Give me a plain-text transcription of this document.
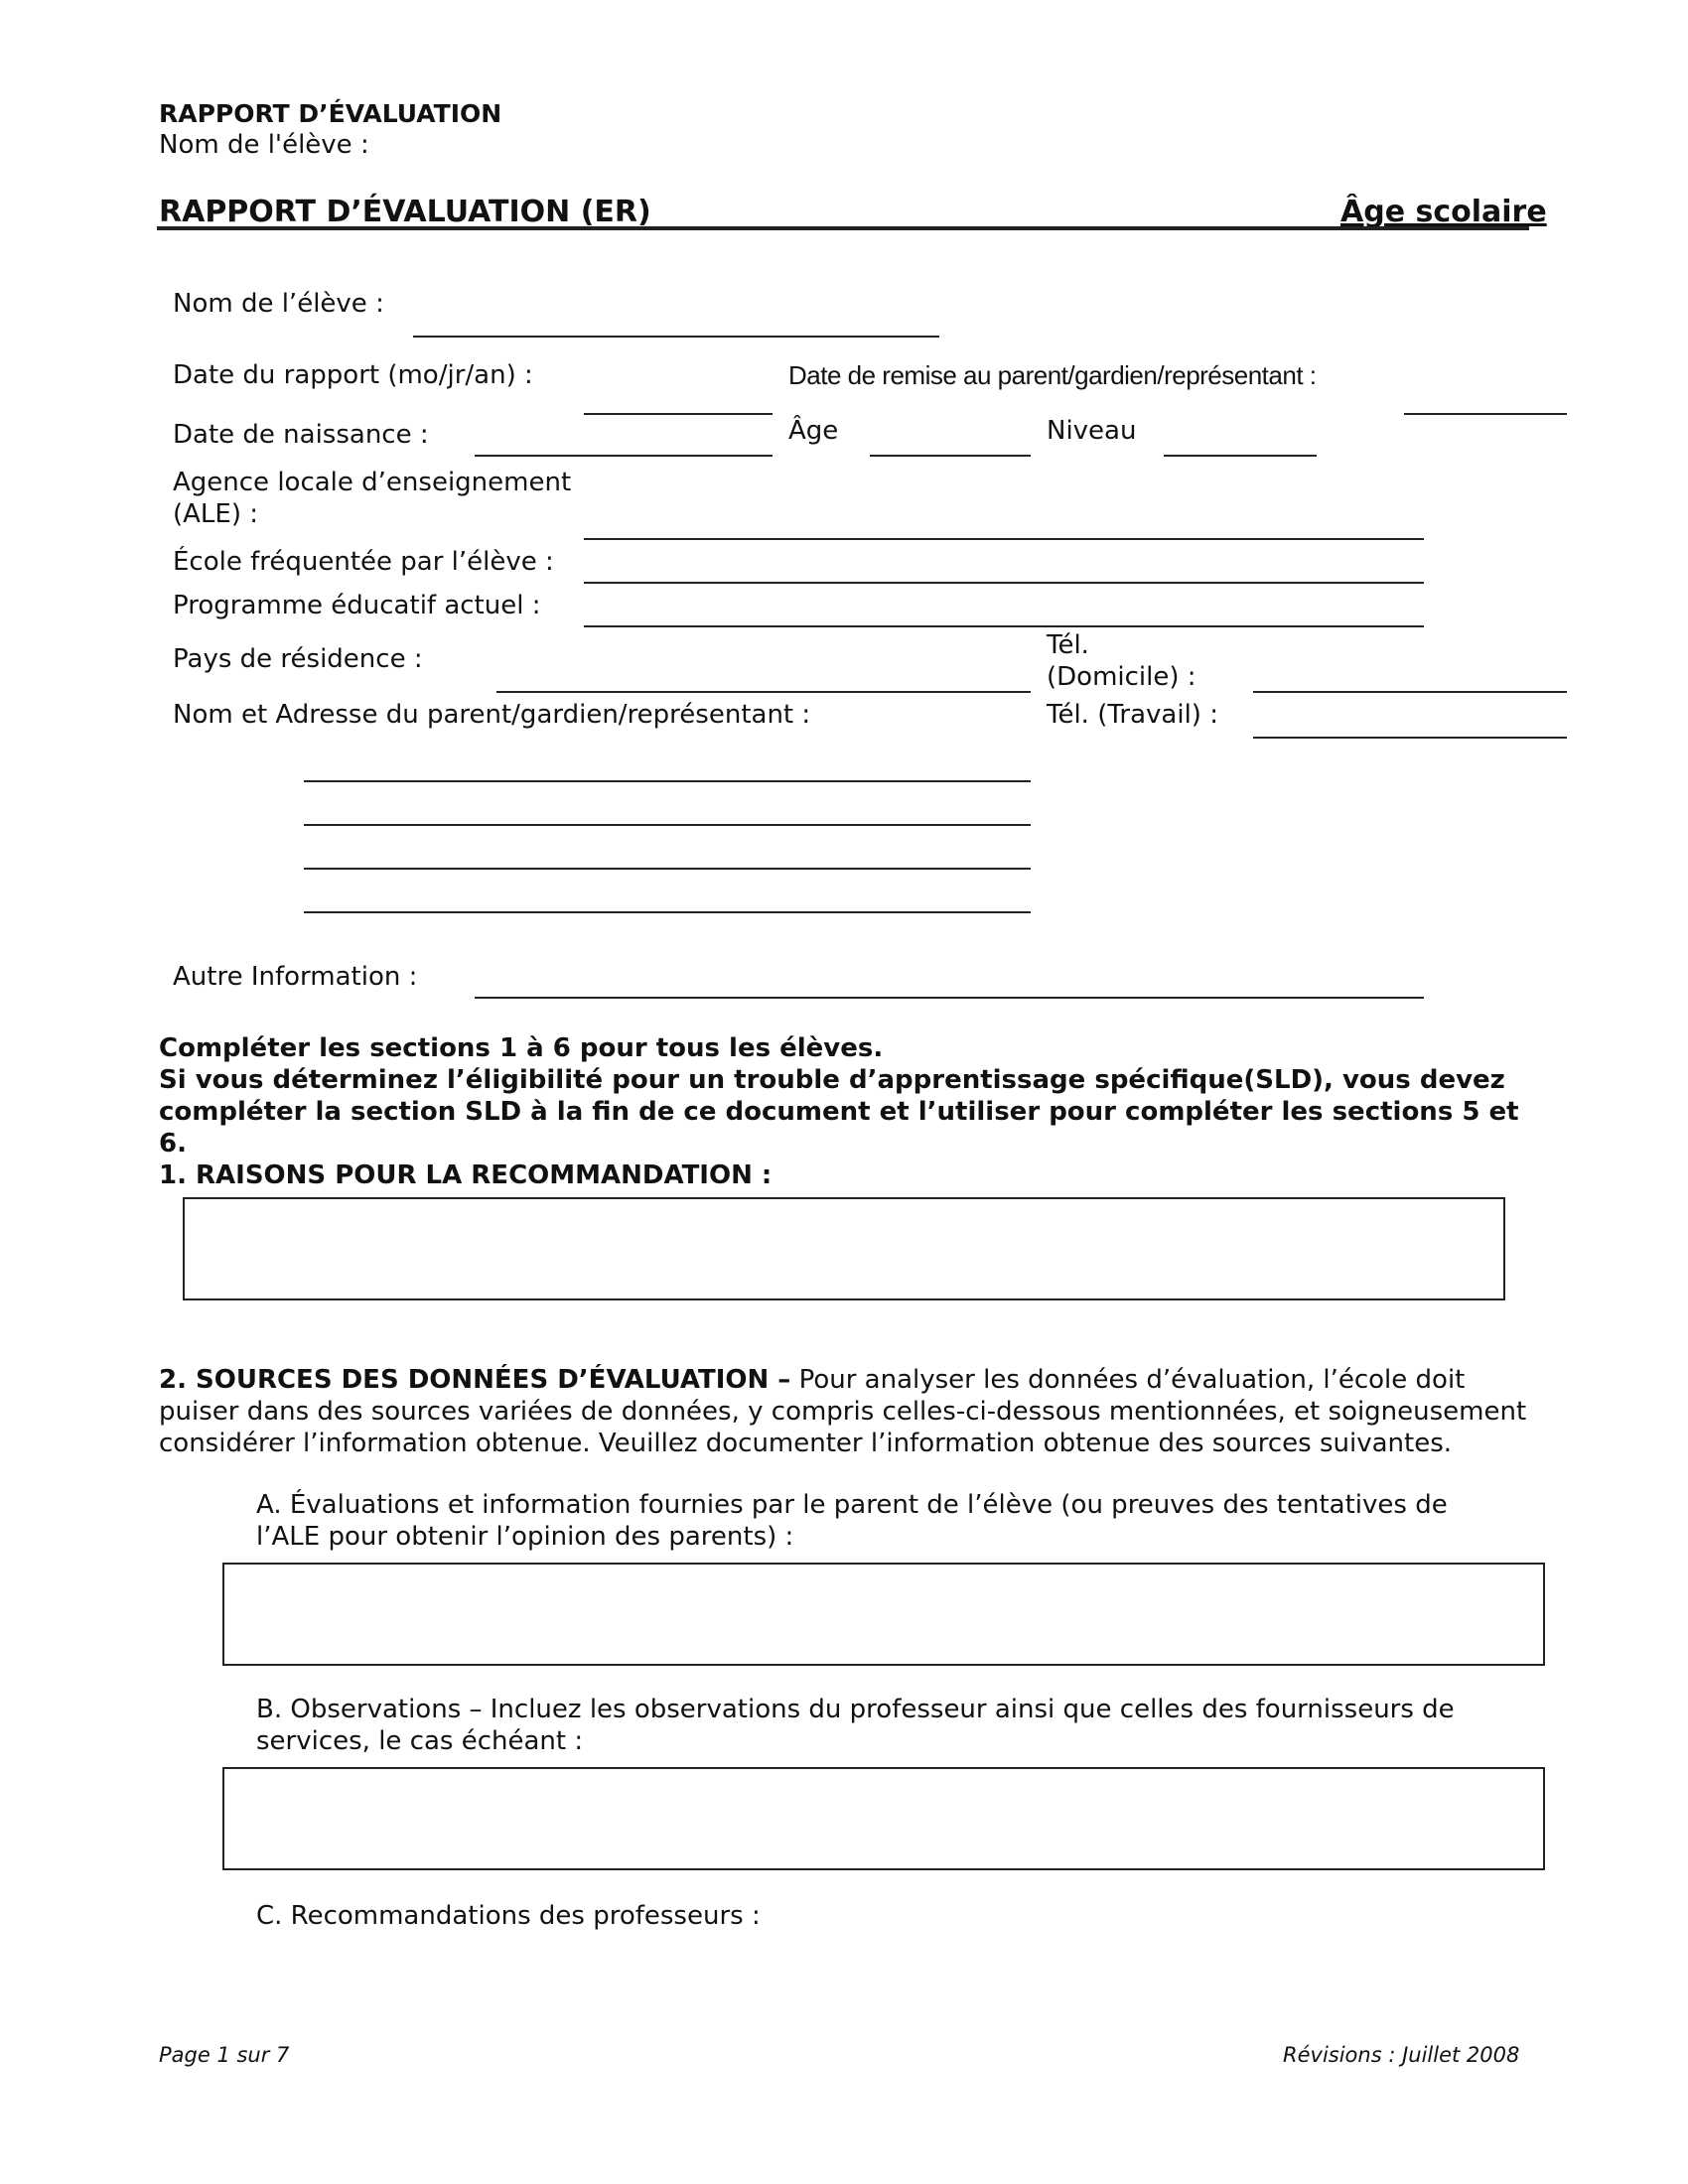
RAPPORT D’ÉVALUATION
Nom de l'élève :
RAPPORT D’ÉVALUATION (ER)	Âge scolaire
Nom de l’élève :
Date du rapport (mo/jr/an) :	Date de remise au parent/gardien/représentant :
Date de naissance :	Âge	Niveau
Agence locale d’enseignement
(ALE) :
École fréquentée par l’élève :
Programme éducatif actuel :
Pays de résidence :	Tél.
(Domicile) :
Nom et Adresse du parent/gardien/représentant :	Tél. (Travail) :
Autre Information :
Compléter les sections 1 à 6 pour tous les élèves.
Si vous déterminez l’éligibilité pour un trouble d’apprentissage spécifique(SLD), vous devez compléter la section SLD à la fin de ce document et l’utiliser pour compléter les sections 5 et 6.
1. RAISONS POUR LA RECOMMANDATION :
2. SOURCES DES DONNÉES D’ÉVALUATION – Pour analyser les données d’évaluation, l’école doit puiser dans des sources variées de données, y compris celles-ci-dessous mentionnées, et soigneusement considérer l’information obtenue. Veuillez documenter l’information obtenue des sources suivantes.
A. Évaluations et information fournies par le parent de l’élève (ou preuves des tentatives de l’ALE pour obtenir l’opinion des parents) :
B. Observations – Incluez les observations du professeur ainsi que celles des fournisseurs de services, le cas échéant :
C. Recommandations des professeurs :
Page 1 sur 7	Révisions : Juillet 2008
